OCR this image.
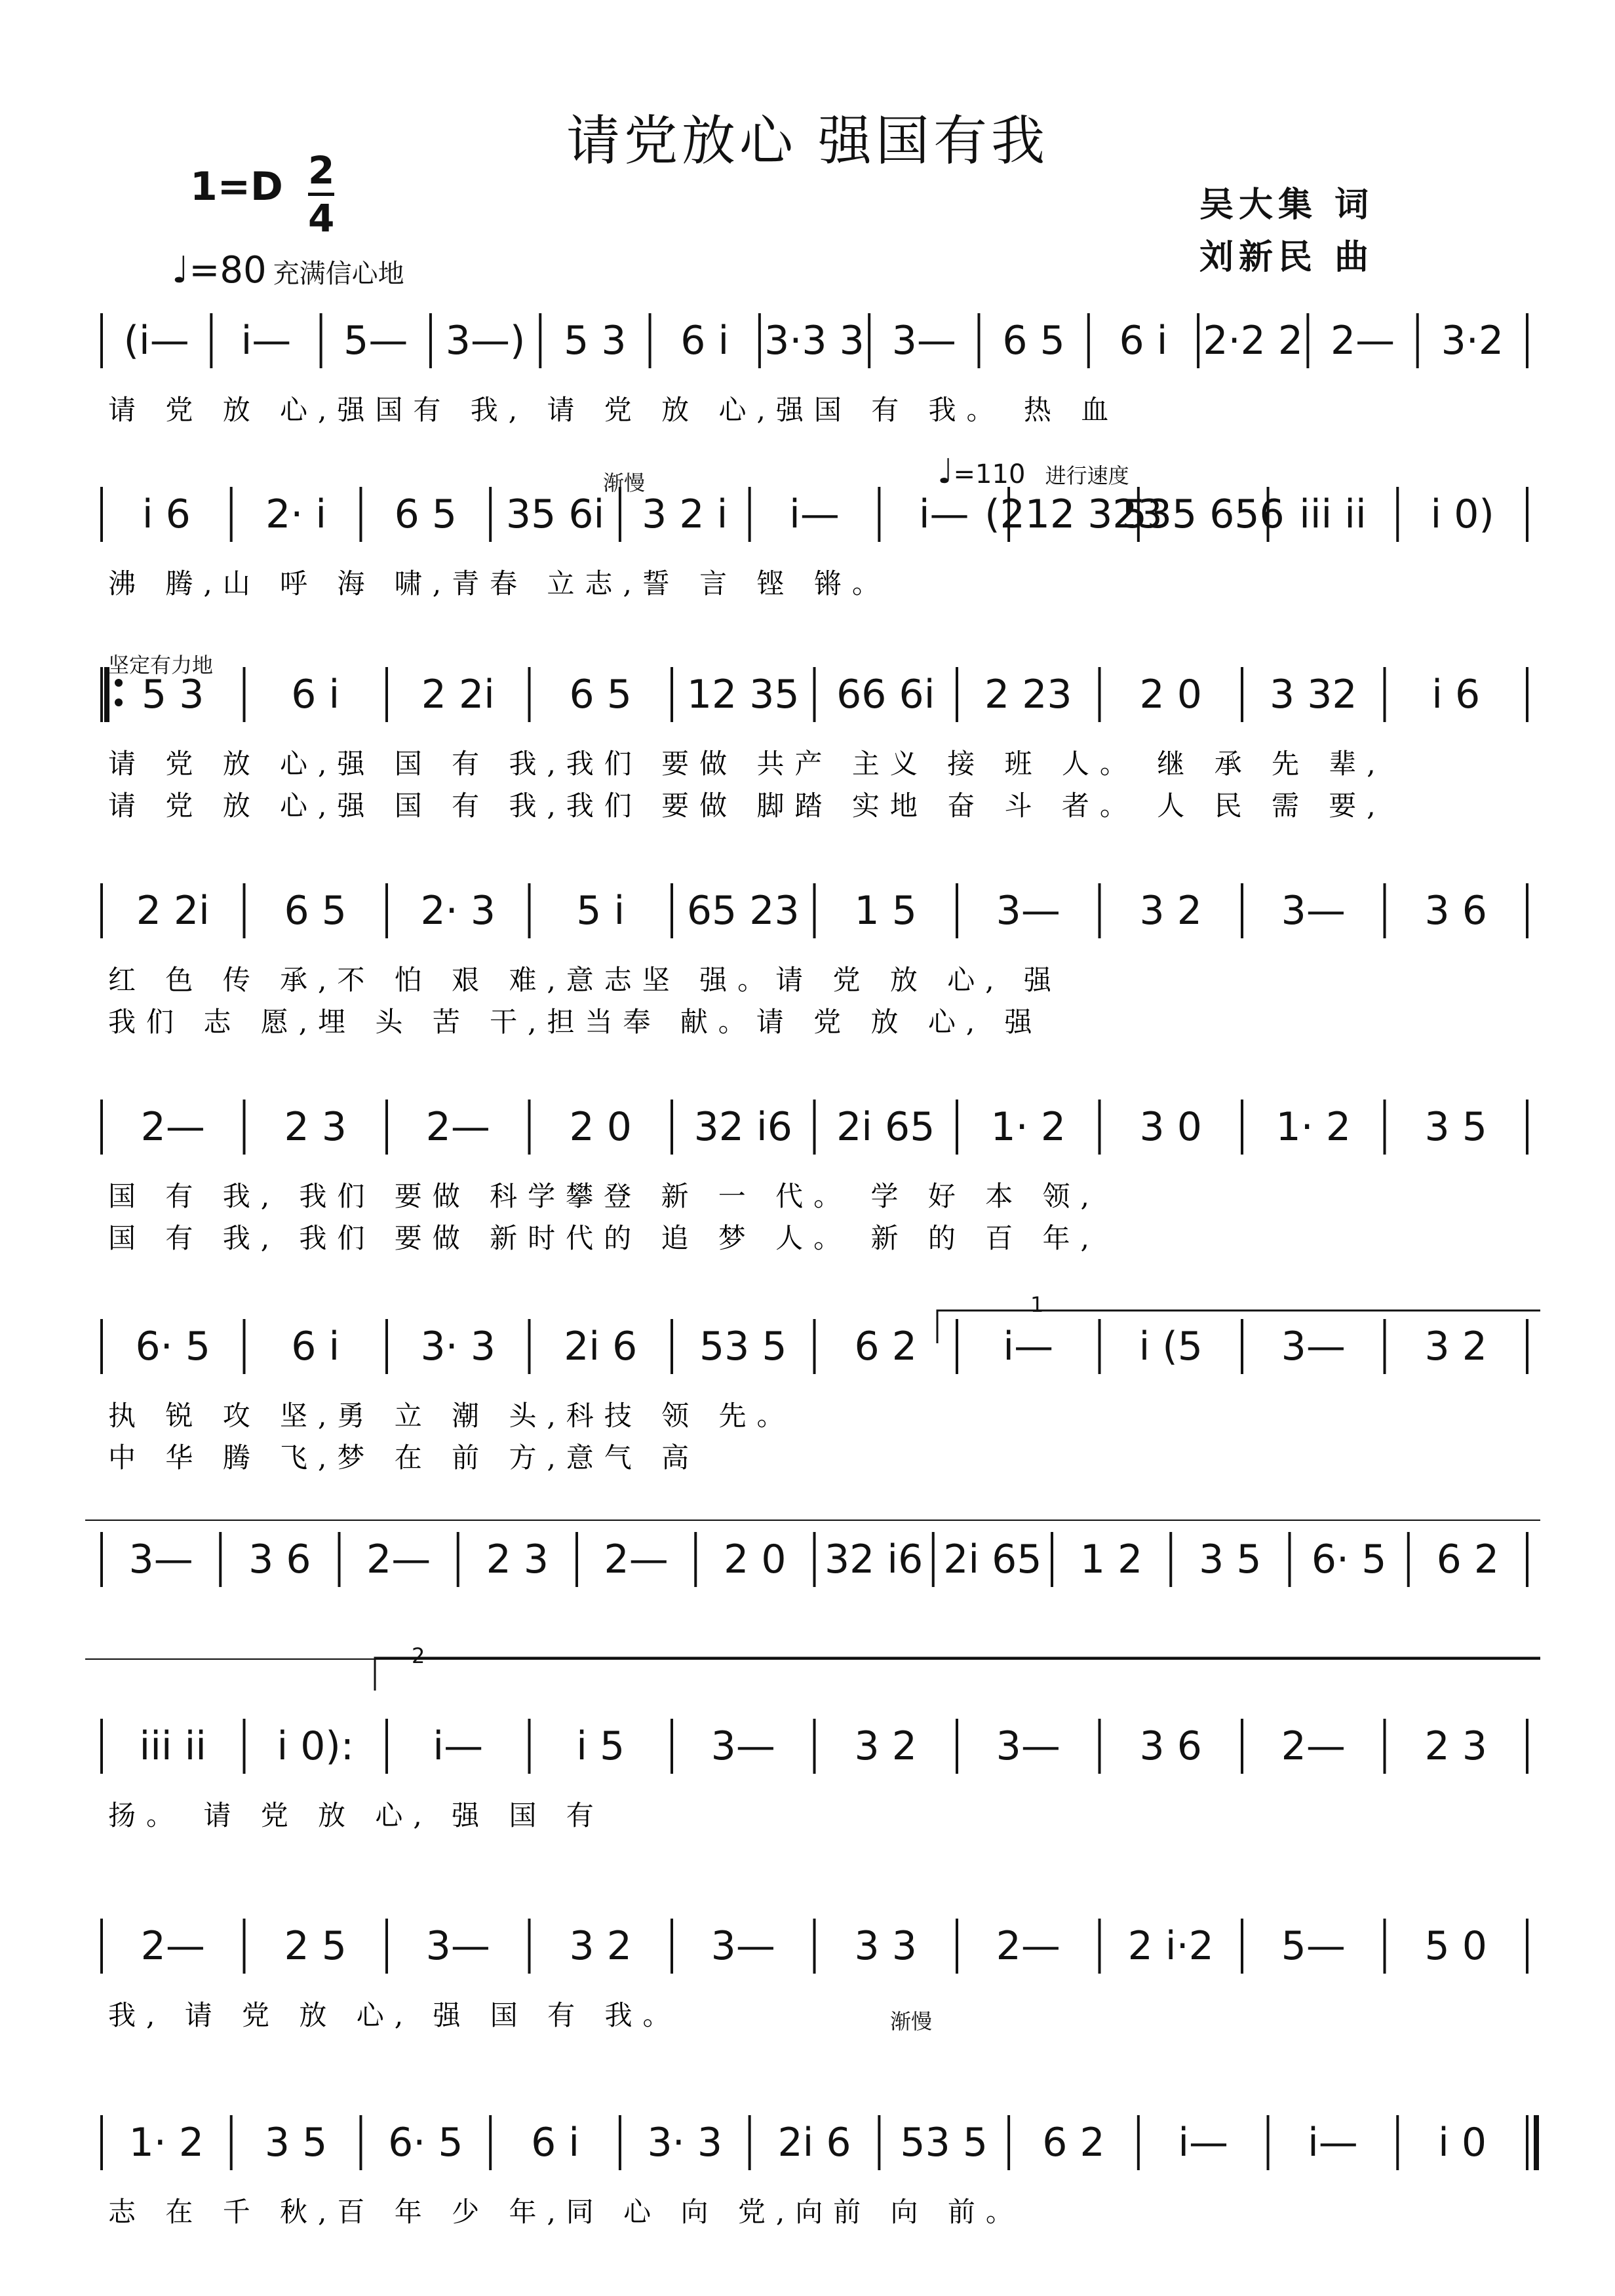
请党放心 强国有我
1=D 2
4
♩=80 充满信心地
吴大集 词
刘新民 曲
渐慢	♩=110 进行速度
坚定有力地
1
2
渐慢
(i— i— 5— 3—) 5 3 6 i 3·3 3 3— 6 5 6 i 2·2 2 2— 3·2
请 党 放 心,强国有 我, 请 党 放 心,强国 有 我。 热 血
i 6 2· i 6 5 35 6i 3 2 i i— i— (212 323
535 656 iii ii i 0)
沸 腾,山 呼 海 啸,青春 立志,誓 言 铿 锵。
5 3 6 i 2 2i 6 5 12 35 66 6i 2 23 2 0 3 32 i 6
请 党 放 心,强 国 有 我,我们 要做 共产 主义 接 班 人。 继 承 先 辈,
请 党 放 心,强 国 有 我,我们 要做 脚踏 实地 奋 斗 者。 人 民 需 要,
2 2i 6 5 2· 3 5 i 65 23 1 5 3— 3 2 3— 3 6
红 色 传 承,不 怕 艰 难,意志坚 强。请 党 放 心, 强
我们 志 愿,埋 头 苦 干,担当奉 献。请 党 放 心, 强
2— 2 3 2— 2 0 32 i6 2i 65 1· 2 3 0 1· 2 3 5
国 有 我, 我们 要做 科学攀登 新 一 代。 学 好 本 领,
国 有 我, 我们 要做 新时代的 追 梦 人。 新 的 百 年,
6· 5 6 i 3· 3 2i 6 53 5 6 2 i— i (5 3— 3 2
执 锐 攻 坚,勇 立 潮 头,科技 领 先。
中 华 腾 飞,梦 在 前 方,意气 高
3— 3 6 2— 2 3 2— 2 0 32 i6 2i 65 1 2 3 5 6· 5 6 2
iii ii i 0): i— i 5 3— 3 2 3— 3 6 2— 2 3
扬。 请 党 放 心, 强 国 有
2— 2 5 3— 3 2 3— 3 3 2— 2 i·2 5— 5 0
我, 请 党 放 心, 强 国 有 我。
1· 2 3 5 6· 5 6 i 3· 3 2i 6 53 5 6 2 i— i— i 0
志 在 千 秋,百 年 少 年,同 心 向 党,向前 向 前。
